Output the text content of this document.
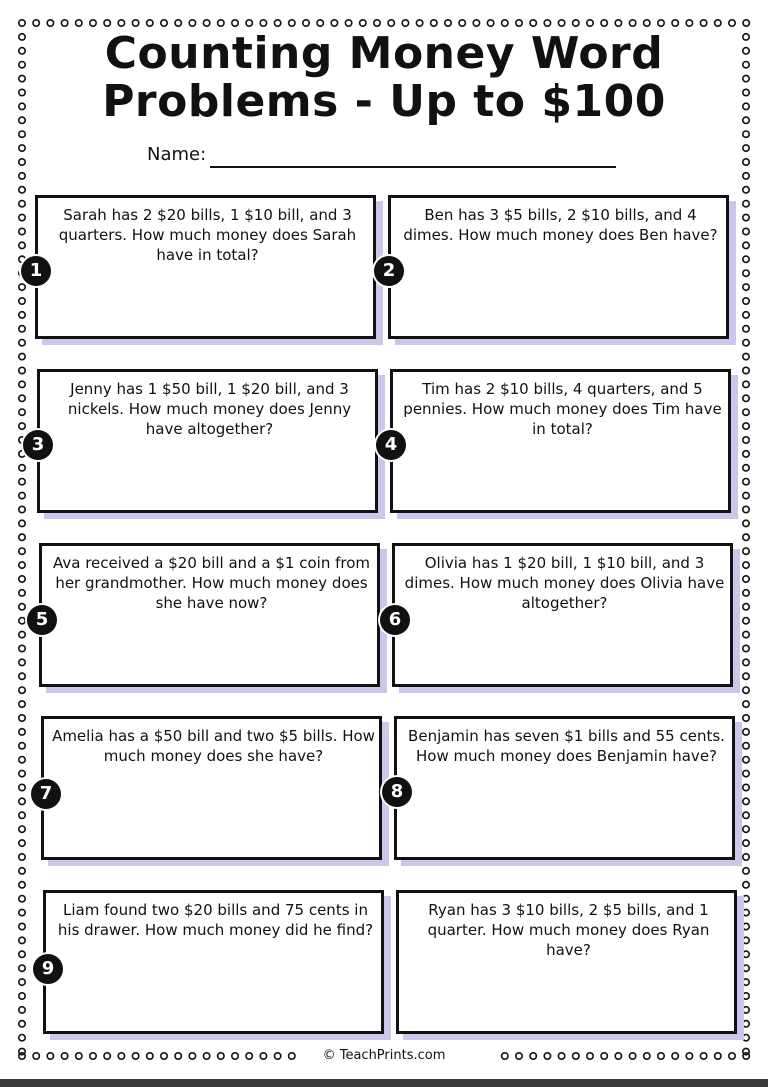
Counting Money Word Problems - Up to $100
Name:

Sarah has 2 $20 bills, 1 $10 bill, and 3 quarters. How much money does Sarah have in total?

1

Ben has 3 $5 bills, 2 $10 bills, and 4 dimes. How much money does Ben have?

2

Jenny has 1 $50 bill, 1 $20 bill, and 3 nickels. How much money does Jenny have altogether?

3

Tim has 2 $10 bills, 4 quarters, and 5 pennies. How much money does Tim have in total?

4

Ava received a $20 bill and a $1 coin from her grandmother. How much money does she have now?

5

Olivia has 1 $20 bill, 1 $10 bill, and 3 dimes. How much money does Olivia have altogether?

6

Amelia has a $50 bill and two $5 bills. How much money does she have?

7

Benjamin has seven $1 bills and 55 cents. How much money does Benjamin have?

8

Liam found two $20 bills and 75 cents in his drawer. How much money did he find?

9

Ryan has 3 $10 bills, 2 $5 bills, and 1 quarter. How much money does Ryan have?

© TeachPrints.com
